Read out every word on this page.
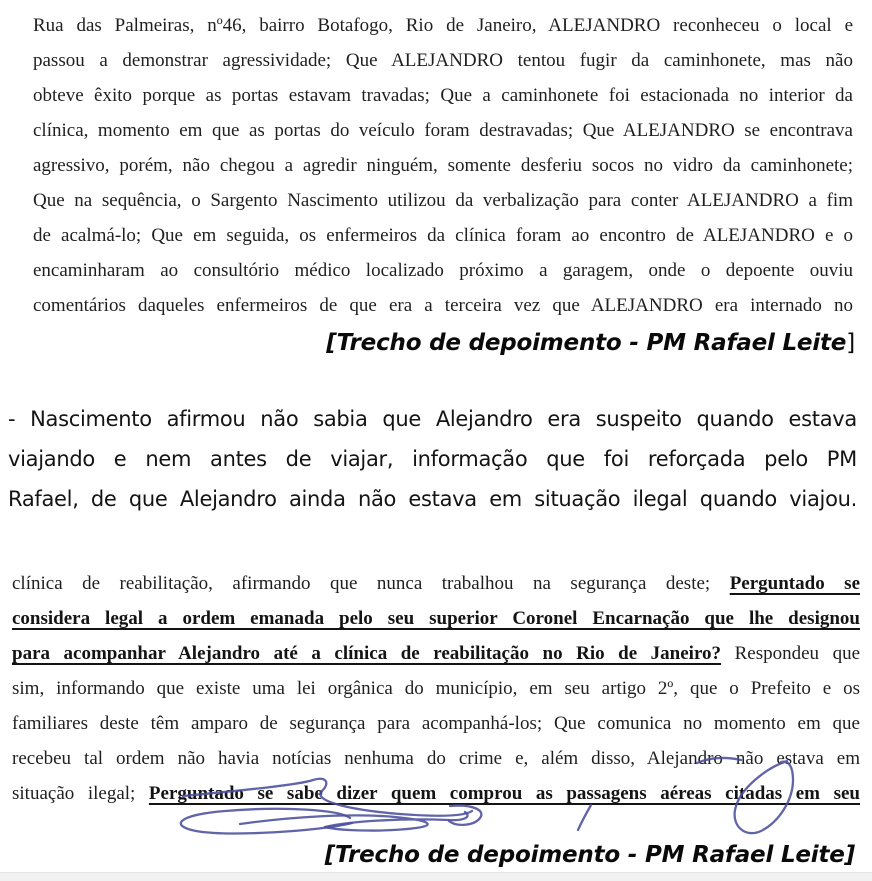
Rua das Palmeiras, nº46, bairro Botafogo, Rio de Janeiro, ALEJANDRO reconheceu o local e
passou a demonstrar agressividade; Que ALEJANDRO tentou fugir da caminhonete, mas não
obteve êxito porque as portas estavam travadas; Que a caminhonete foi estacionada no interior da
clínica, momento em que as portas do veículo foram destravadas; Que ALEJANDRO se encontrava
agressivo, porém, não chegou a agredir ninguém, somente desferiu socos no vidro da caminhonete;
Que na sequência, o Sargento Nascimento utilizou da verbalização para conter ALEJANDRO a fim
de acalmá-lo; Que em seguida, os enfermeiros da clínica foram ao encontro de ALEJANDRO e o
encaminharam ao consultório médico localizado próximo a garagem, onde o depoente ouviu
comentários daqueles enfermeiros de que era a terceira vez que ALEJANDRO era internado no
[Trecho de depoimento - PM Rafael Leite]
- Nascimento afirmou não sabia que Alejandro era suspeito quando estava
viajando e nem antes de viajar, informação que foi reforçada pelo PM
Rafael, de que Alejandro ainda não estava em situação ilegal quando viajou.
clínica de reabilitação, afirmando que nunca trabalhou na segurança deste; Perguntado se
considera legal a ordem emanada pelo seu superior Coronel Encarnação que lhe designou
para acompanhar Alejandro até a clínica de reabilitação no Rio de Janeiro? Respondeu que
sim, informando que existe uma lei orgânica do município, em seu artigo 2º, que o Prefeito e os
familiares deste têm amparo de segurança para acompanhá-los; Que comunica no momento em que
recebeu tal ordem não havia notícias nenhuma do crime e, além disso, Alejandro não estava em
situação ilegal; Perguntado se sabe dizer quem comprou as passagens aéreas citadas em seu
[Trecho de depoimento - PM Rafael Leite]
